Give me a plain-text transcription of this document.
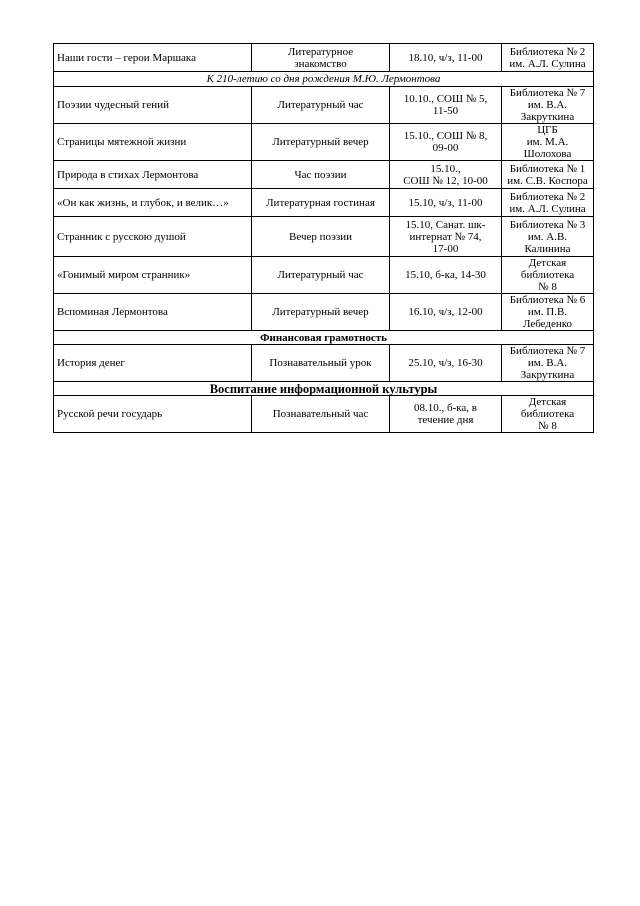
Наши гости – герои Маршака	Литературное
знакомство	18.10, ч/з, 11-00	Библиотека № 2
им. А.Л. Сулина

К 210-летию со дня рождения М.Ю. Лермонтова			
Поэзии чудесный гений	Литературный час	10.10., СОШ № 5,
11-50	Библиотека № 7
им. В.А. Закруткина

Страницы мятежной жизни	Литературный вечер	15.10., СОШ № 8,
09-00	ЦГБ
им. М.А. Шолохова

Природа в стихах Лермонтова	Час поэзии	15.10.,
СОШ № 12, 10-00	Библиотека № 1
им. С.В. Коспора

«Он как жизнь, и глубок, и велик…»	Литературная гостиная	15.10, ч/з, 11-00	Библиотека № 2
им. А.Л. Сулина

Странник с русскою душой	Вечер поэзии	15.10, Санат. шк-
интернат № 74,
17-00	Библиотека № 3
им. А.В. Калинина

«Гонимый миром странник»	Литературный час	15.10, б-ка, 14-30	Детская библиотека
№ 8

Вспоминая Лермонтова	Литературный вечер	16.10, ч/з, 12-00	Библиотека № 6
им. П.В. Лебеденко

Финансовая грамотность			
История денег	Познавательный урок	25.10, ч/з, 16-30	Библиотека № 7
им. В.А. Закруткина

Воспитание информационной культуры			
Русской речи государь	Познавательный час	08.10., б-ка, в
течение дня	Детская библиотека
№ 8
